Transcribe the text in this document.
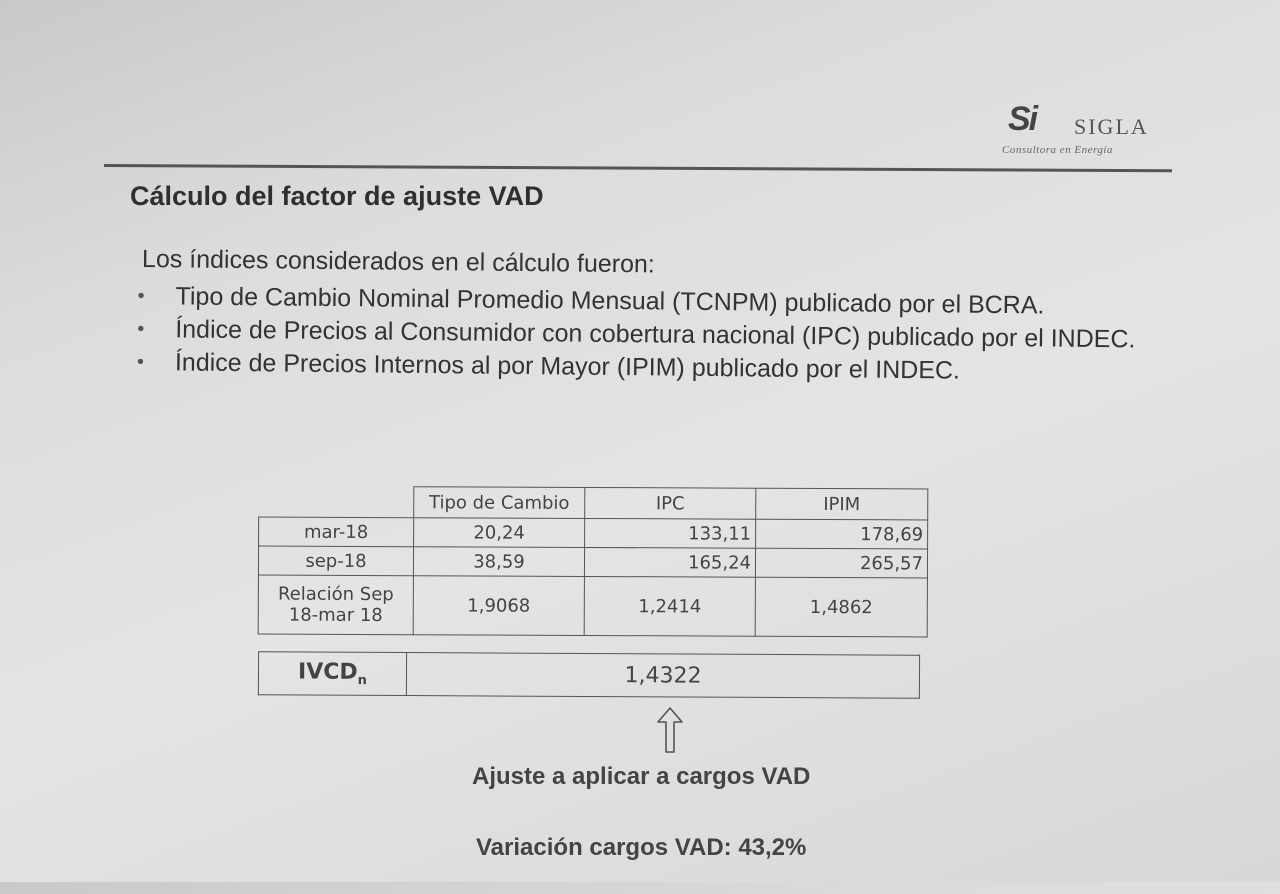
Si SIGLA
Consultora en Energía
Cálculo del factor de ajuste VAD
Los índices considerados en el cálculo fueron:
• Tipo de Cambio Nominal Promedio Mensual (TCNPM) publicado por el BCRA.
• Índice de Precios al Consumidor con cobertura nacional (IPC) publicado por el INDEC.
• Índice de Precios Internos al por Mayor (IPIM) publicado por el INDEC.
	Tipo de Cambio	IPC	IPIM
mar-18	20,24	133,11	178,69
sep-18	38,59	165,24	265,57
Relación Sep 18-mar 18	1,9068	1,2414	1,4862
$IVCD_n$	1,4322
Ajuste a aplicar a cargos VAD
Variación cargos VAD: 43,2%
